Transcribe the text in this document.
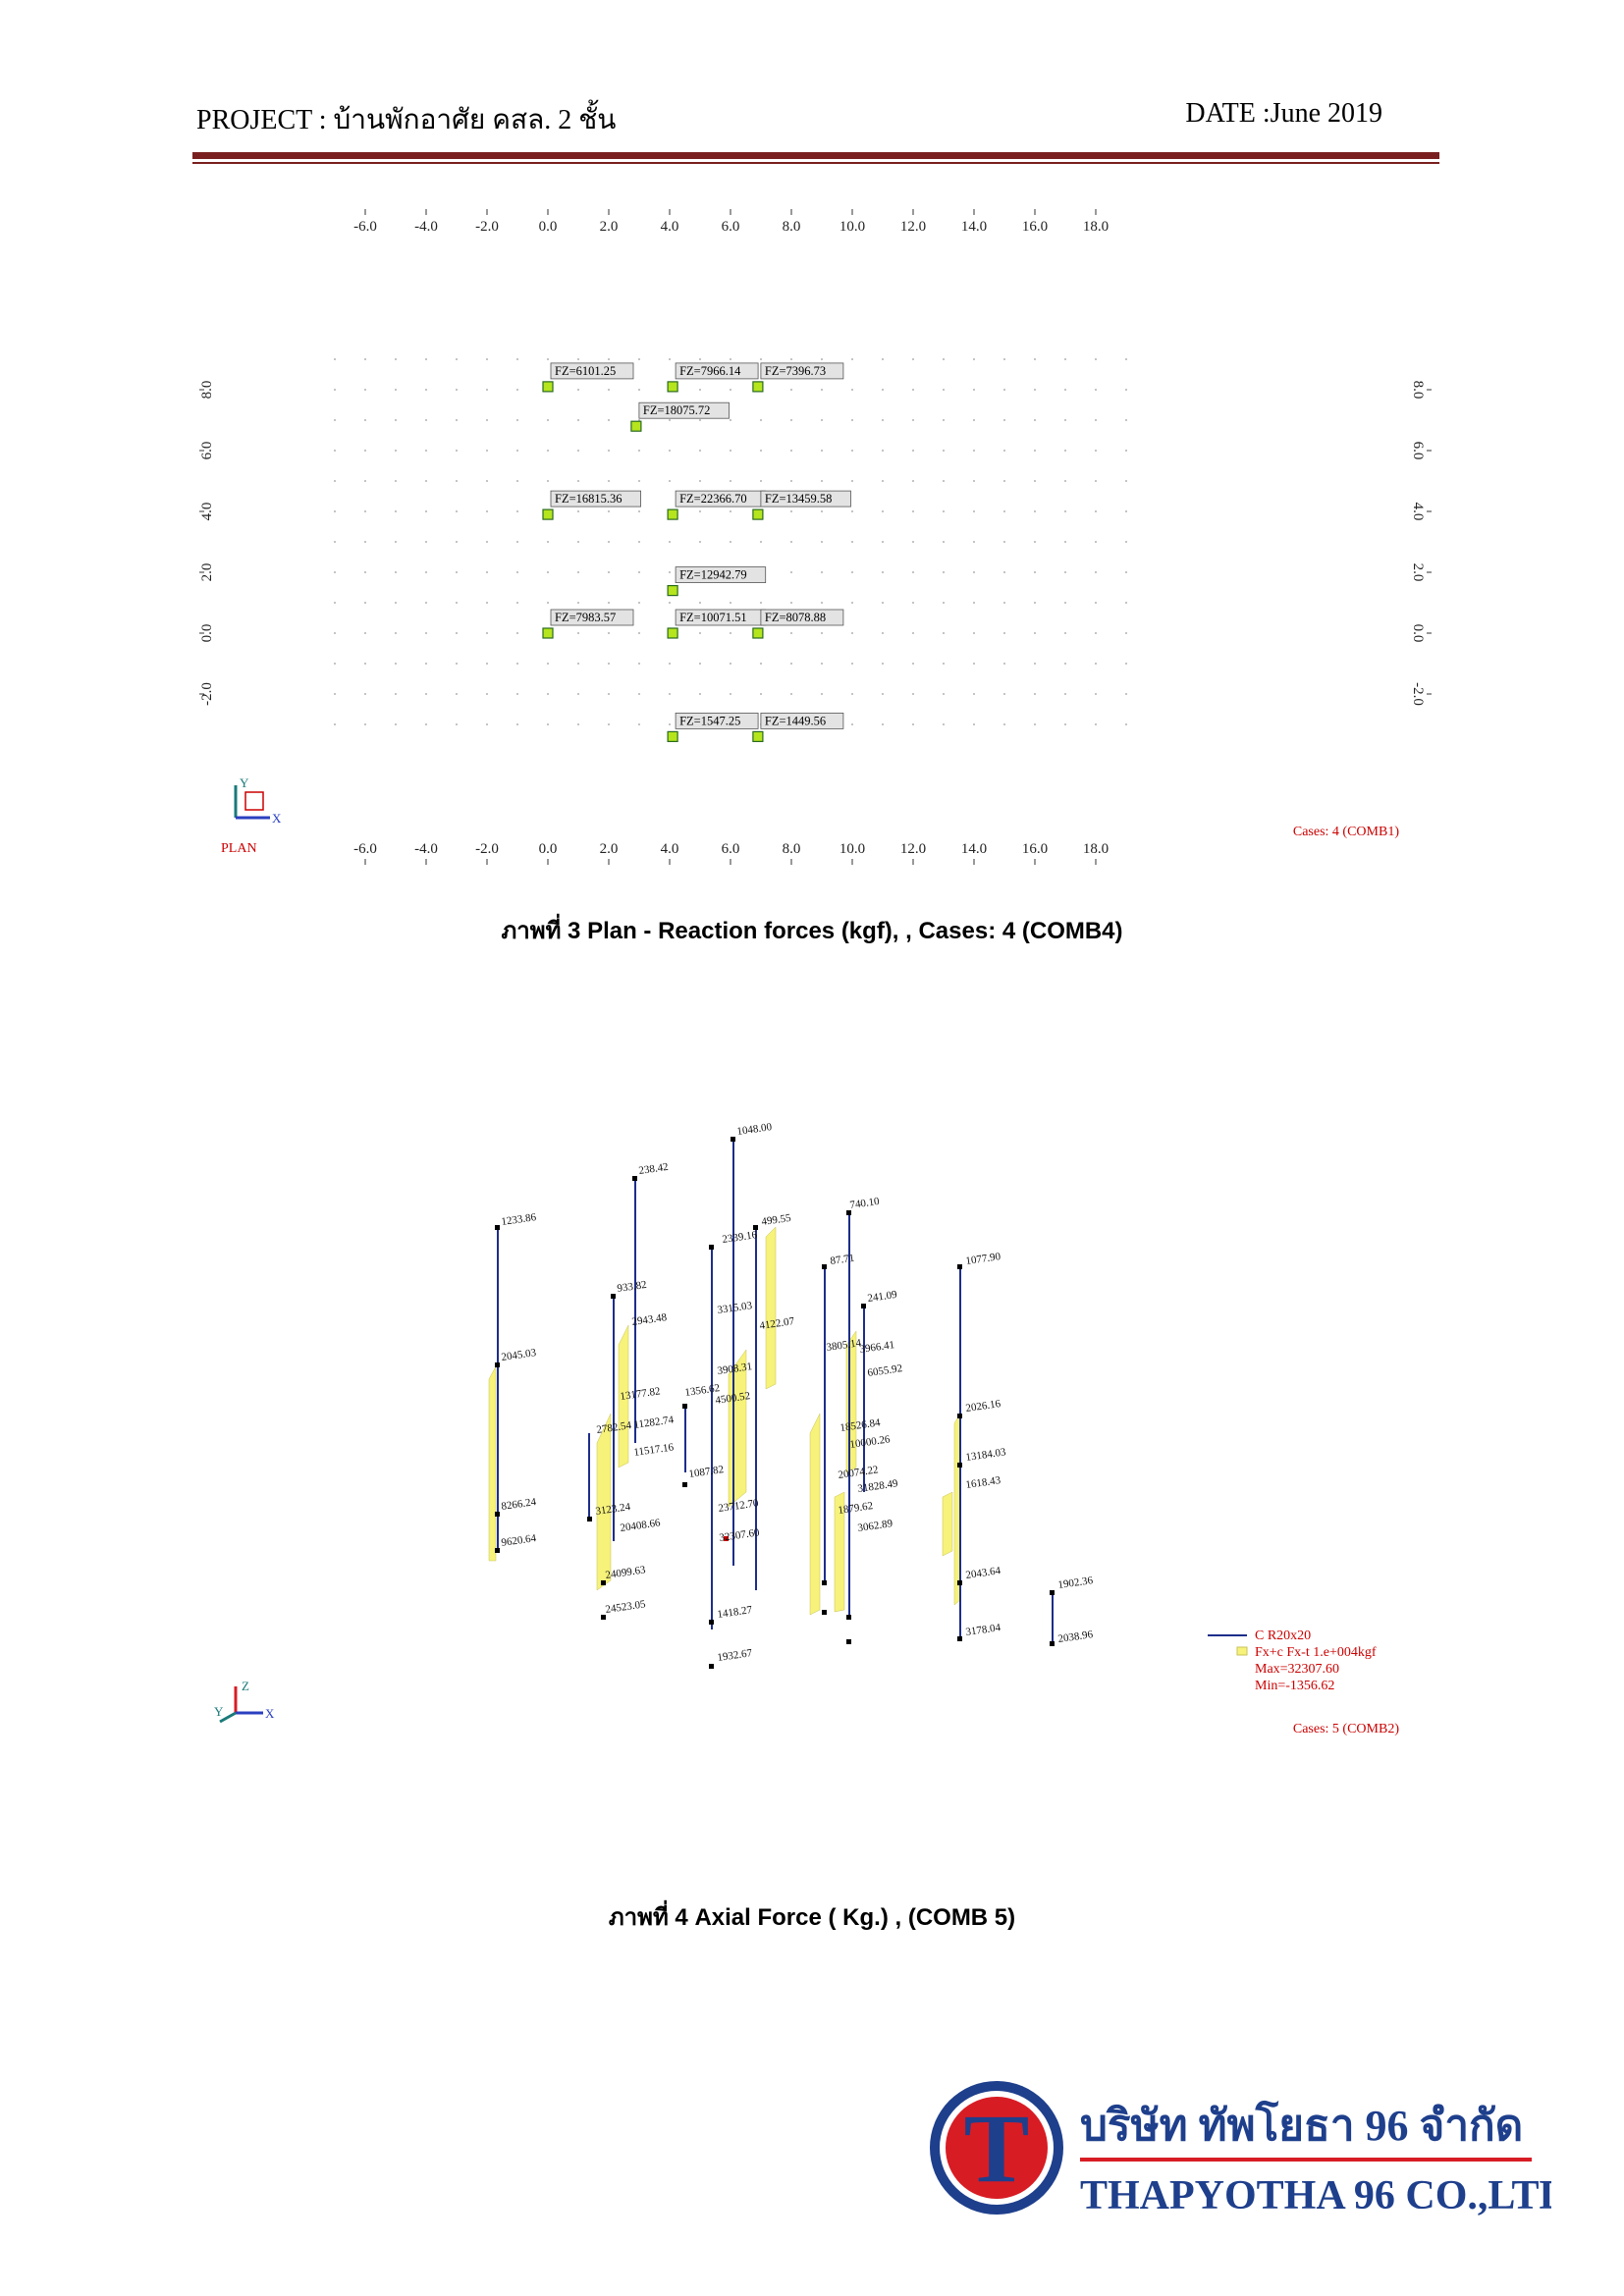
PROJECT : บ้านพักอาศัย คสล. 2 ชั้น	DATE :June 2019
-6.0	-4.0	-2.0	0.0	2.0	4.0	6.0	8.0	10.0 12.0 14.0 16.0 18.0
-6.0	-4.0	-2.0	0.0	2.0	4.0	6.0	8.0	10.0 12.0 14.0 16.0 18.0
8.0	8.0
6.0	6.0
4.0	4.0
2.0	2.0
0.0	0.0
-2.0	-2.0
FZ=6101.25	FZ=7966.14 FZ=7396.73
FZ=18075.72
FZ=16815.36	FZ=22366.70 FZ=13459.58
FZ=12942.79
FZ=7983.57	FZ=10071.51 FZ=8078.88
FZ=1547.25 FZ=1449.56
Y
X
PLAN
Cases: 4 (COMB1)
ภาพที่ 3 Plan - Reaction forces (kgf), , Cases: 4 (COMB4)
1233.86
2045.03
8266.24
9620.64
238.42
933.82
2943.48
13177.82
11282.74
11517.16
2782.54
3123.24
20408.66
24099.63
24523.05
1048.00
2339.16
499.55
3315.03
4122.07
3908.31
4500.52
1356.62
1087.82
23712.70
32307.60
1418.27
1932.67
740.10
87.71
241.09
3966.41
3805.14
6055.92
18526.84
10000.26
20074.22
31828.49
1879.62
3062.89
1077.90
2026.16
13184.03
1618.43
2043.64
3178.04
1902.36
2038.96	C R20x20
Fx+c Fx-t 1.e+004kgf
Max=32307.60
Min=-1356.62
Cases: 5 (COMB2)
Z
X
Y
ภาพที่ 4 Axial Force ( Kg.) , (COMB 5)
T บริษัท ทัพโยธา 96 จำกัด
THAPYOTHA 96 CO.,LTD.
